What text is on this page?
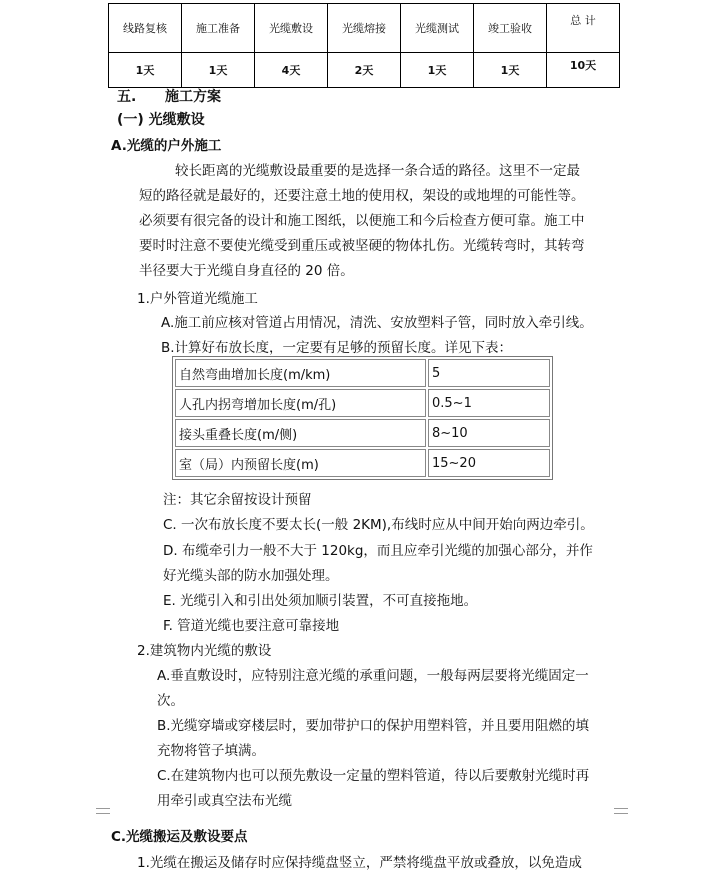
线路复核	施工准备	光缆敷设	光缆熔接	光缆测试	竣工验收	总 计
1天	1天	4天	2天	1天	1天	10天
五. 施工方案
(一) 光缆敷设
A.光缆的户外施工
较长距离的光缆敷设最重要的是选择一条合适的路径。这里不一定最
短的路径就是最好的，还要注意土地的使用权，架设的或地埋的可能性等。
必须要有很完备的设计和施工图纸，以便施工和今后检查方便可靠。施工中
要时时注意不要使光缆受到重压或被坚硬的物体扎伤。光缆转弯时，其转弯
半径要大于光缆自身直径的 20 倍。
1.户外管道光缆施工
A.施工前应核对管道占用情况，清洗、安放塑料子管，同时放入牵引线。
B.计算好布放长度，一定要有足够的预留长度。详见下表：
自然弯曲增加长度(m/km)	5
人孔内拐弯增加长度(m/孔)	0.5~1
接头重叠长度(m/侧)	8~10
室（局）内预留长度(m)	15~20
注：其它余留按设计预留
C. 一次布放长度不要太长(一般 2KM),布线时应从中间开始向两边牵引。
D. 布缆牵引力一般不大于 120kg，而且应牵引光缆的加强心部分，并作
好光缆头部的防水加强处理。
E. 光缆引入和引出处须加顺引装置，不可直接拖地。
F. 管道光缆也要注意可靠接地
2.建筑物内光缆的敷设
A.垂直敷设时，应特别注意光缆的承重问题，一般每两层要将光缆固定一
次。
B.光缆穿墙或穿楼层时，要加带护口的保护用塑料管，并且要用阻燃的填
充物将管子填满。
C.在建筑物内也可以预先敷设一定量的塑料管道，待以后要敷射光缆时再
用牵引或真空法布光缆
C.光缆搬运及敷设要点
1.光缆在搬运及储存时应保持缆盘竖立，严禁将缆盘平放或叠放，以免造成
